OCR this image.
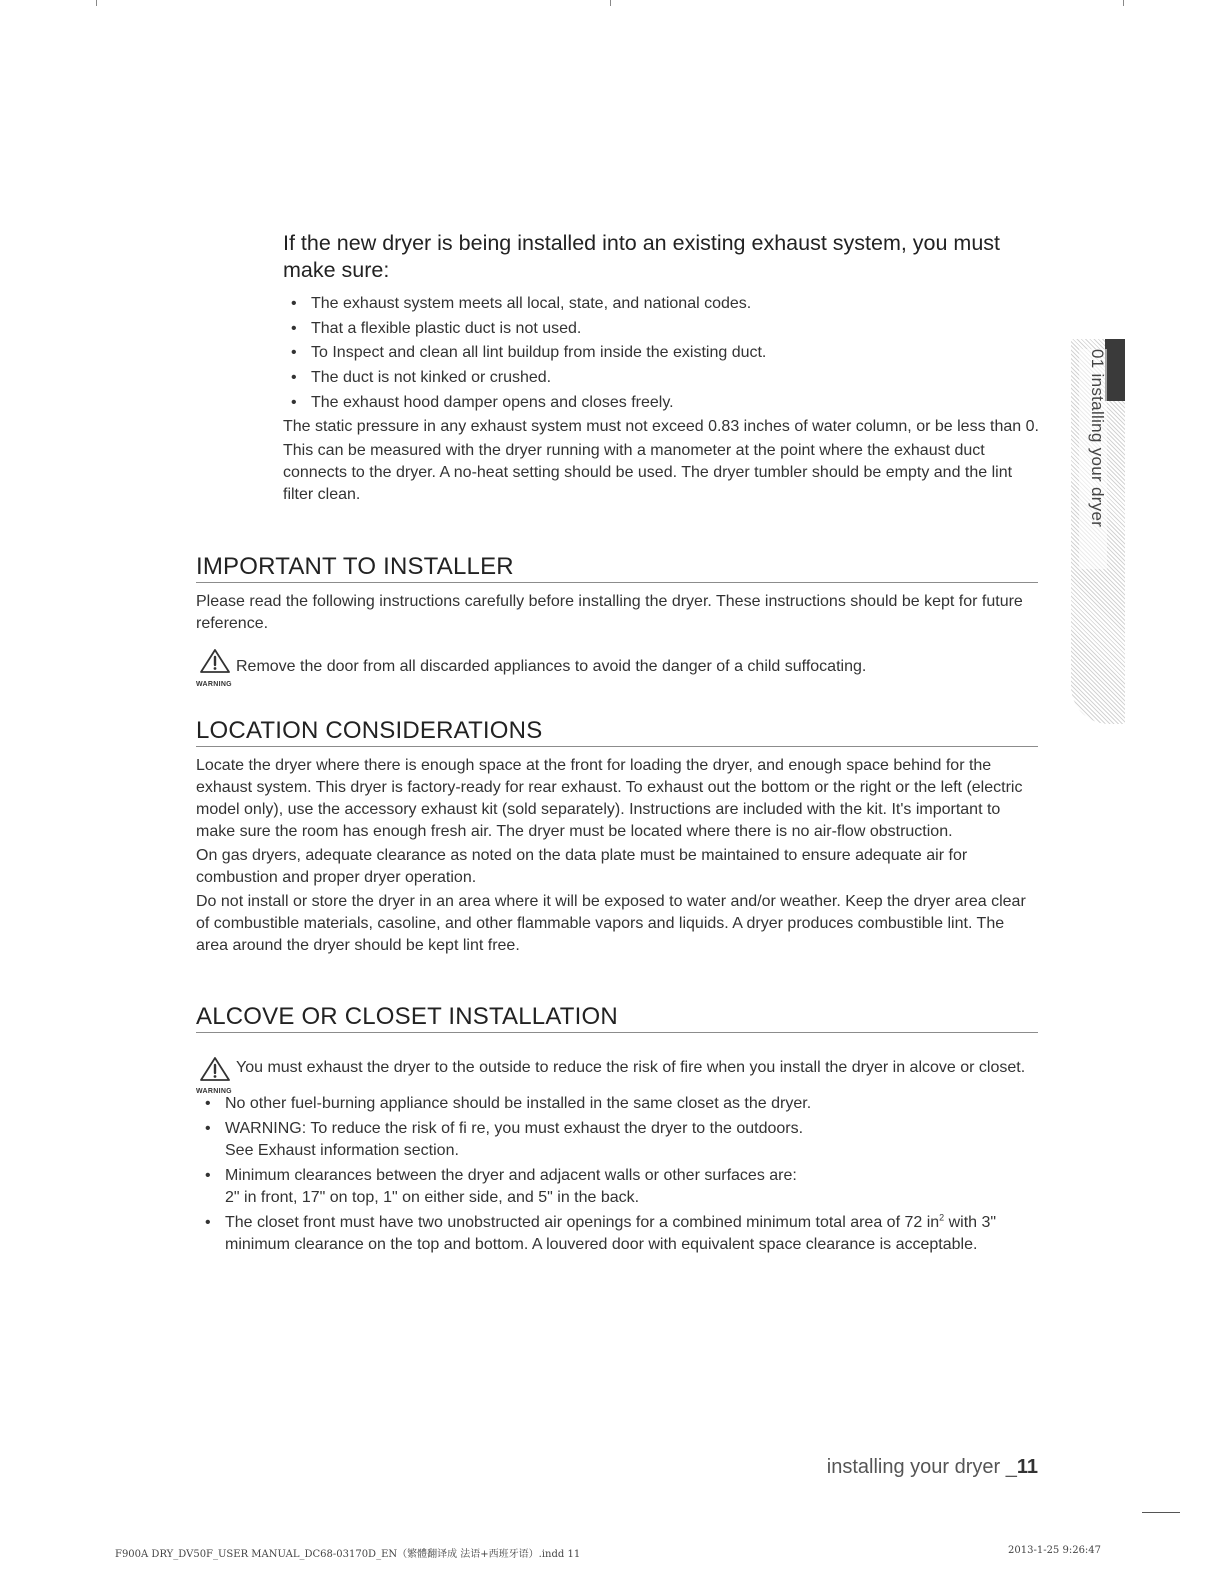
If the new dryer is being installed into an existing exhaust system, you must make sure:
• The exhaust system meets all local, state, and national codes.
• That a flexible plastic duct is not used.
• To Inspect and clean all lint buildup from inside the existing duct.
• The duct is not kinked or crushed.
• The exhaust hood damper opens and closes freely.

The static pressure in any exhaust system must not exceed 0.83 inches of water column, or be less than 0.

This can be measured with the dryer running with a manometer at the point where the exhaust duct connects to the dryer. A no-heat setting should be used. The dryer tumbler should be empty and the lint filter clean.

IMPORTANT TO INSTALLER

Please read the following instructions carefully before installing the dryer. These instructions should be kept for future reference.

WARNING
Remove the door from all discarded appliances to avoid the danger of a child suffocating.
LOCATION CONSIDERATIONS

Locate the dryer where there is enough space at the front for loading the dryer, and enough space behind for the exhaust system. This dryer is factory-ready for rear exhaust. To exhaust out the bottom or the right or the left (electric model only), use the accessory exhaust kit (sold separately). Instructions are included with the kit. It's important to make sure the room has enough fresh air. The dryer must be located where there is no air-flow obstruction.

On gas dryers, adequate clearance as noted on the data plate must be maintained to ensure adequate air for combustion and proper dryer operation.

Do not install or store the dryer in an area where it will be exposed to water and/or weather. Keep the dryer area clear of combustible materials, casoline, and other flammable vapors and liquids. A dryer produces combustible lint. The area around the dryer should be kept lint free.

ALCOVE OR CLOSET INSTALLATION
WARNING
You must exhaust the dryer to the outside to reduce the risk of fire when you install the dryer in alcove or closet.
• No other fuel-burning appliance should be installed in the same closet as the dryer.
• WARNING: To reduce the risk of fi re, you must exhaust the dryer to the outdoors.
See Exhaust information section.
• Minimum clearances between the dryer and adjacent walls or other surfaces are:
2" in front, 17" on top, 1" on either side, and 5" in the back.
• The closet front must have two unobstructed air openings for a combined minimum total area of 72 $in^2$ with 3" minimum clearance on the top and bottom. A louvered door with equivalent space clearance is acceptable.
01 installing your dryer
installing your dryer _11
F900A DRY_DV50F_USER MANUAL_DC68-03170D_EN（繁體翻译成 法语+西班牙语）.indd 11	2013-1-25 9:26:47
